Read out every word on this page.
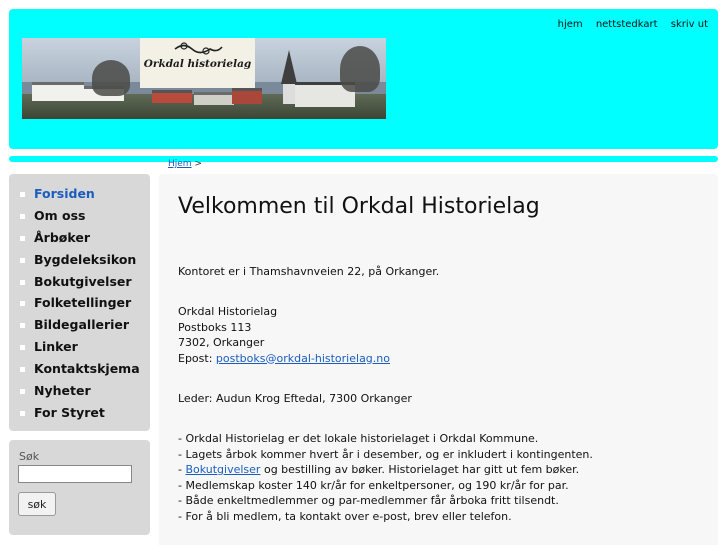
hjem nettstedkart skriv ut
Orkdal historielag
Hjem >
Forsiden
Om oss
Årbøker
Bygdeleksikon
Bokutgivelser
Folketellinger
Bildegallerier
Linker
Kontaktskjema
Nyheter
For Styret
Søk
søk
Velkommen til Orkdal Historielag

Kontoret er i Thamshavnveien 22, på Orkanger.

Orkdal Historielag
Postboks 113
7302, Orkanger
Epost: postboks@orkdal-historielag.no

Leder: Audun Krog Eftedal, 7300 Orkanger

- Orkdal Historielag er det lokale historielaget i Orkdal Kommune.
- Lagets årbok kommer hvert år i desember, og er inkludert i kontingenten.
- Bokutgivelser og bestilling av bøker. Historielaget har gitt ut fem bøker.
- Medlemskap koster 140 kr/år for enkeltpersoner, og 190 kr/år for par.
- Både enkeltmedlemmer og par-medlemmer får årboka fritt tilsendt.
- For å bli medlem, ta kontakt over e-post, brev eller telefon.
